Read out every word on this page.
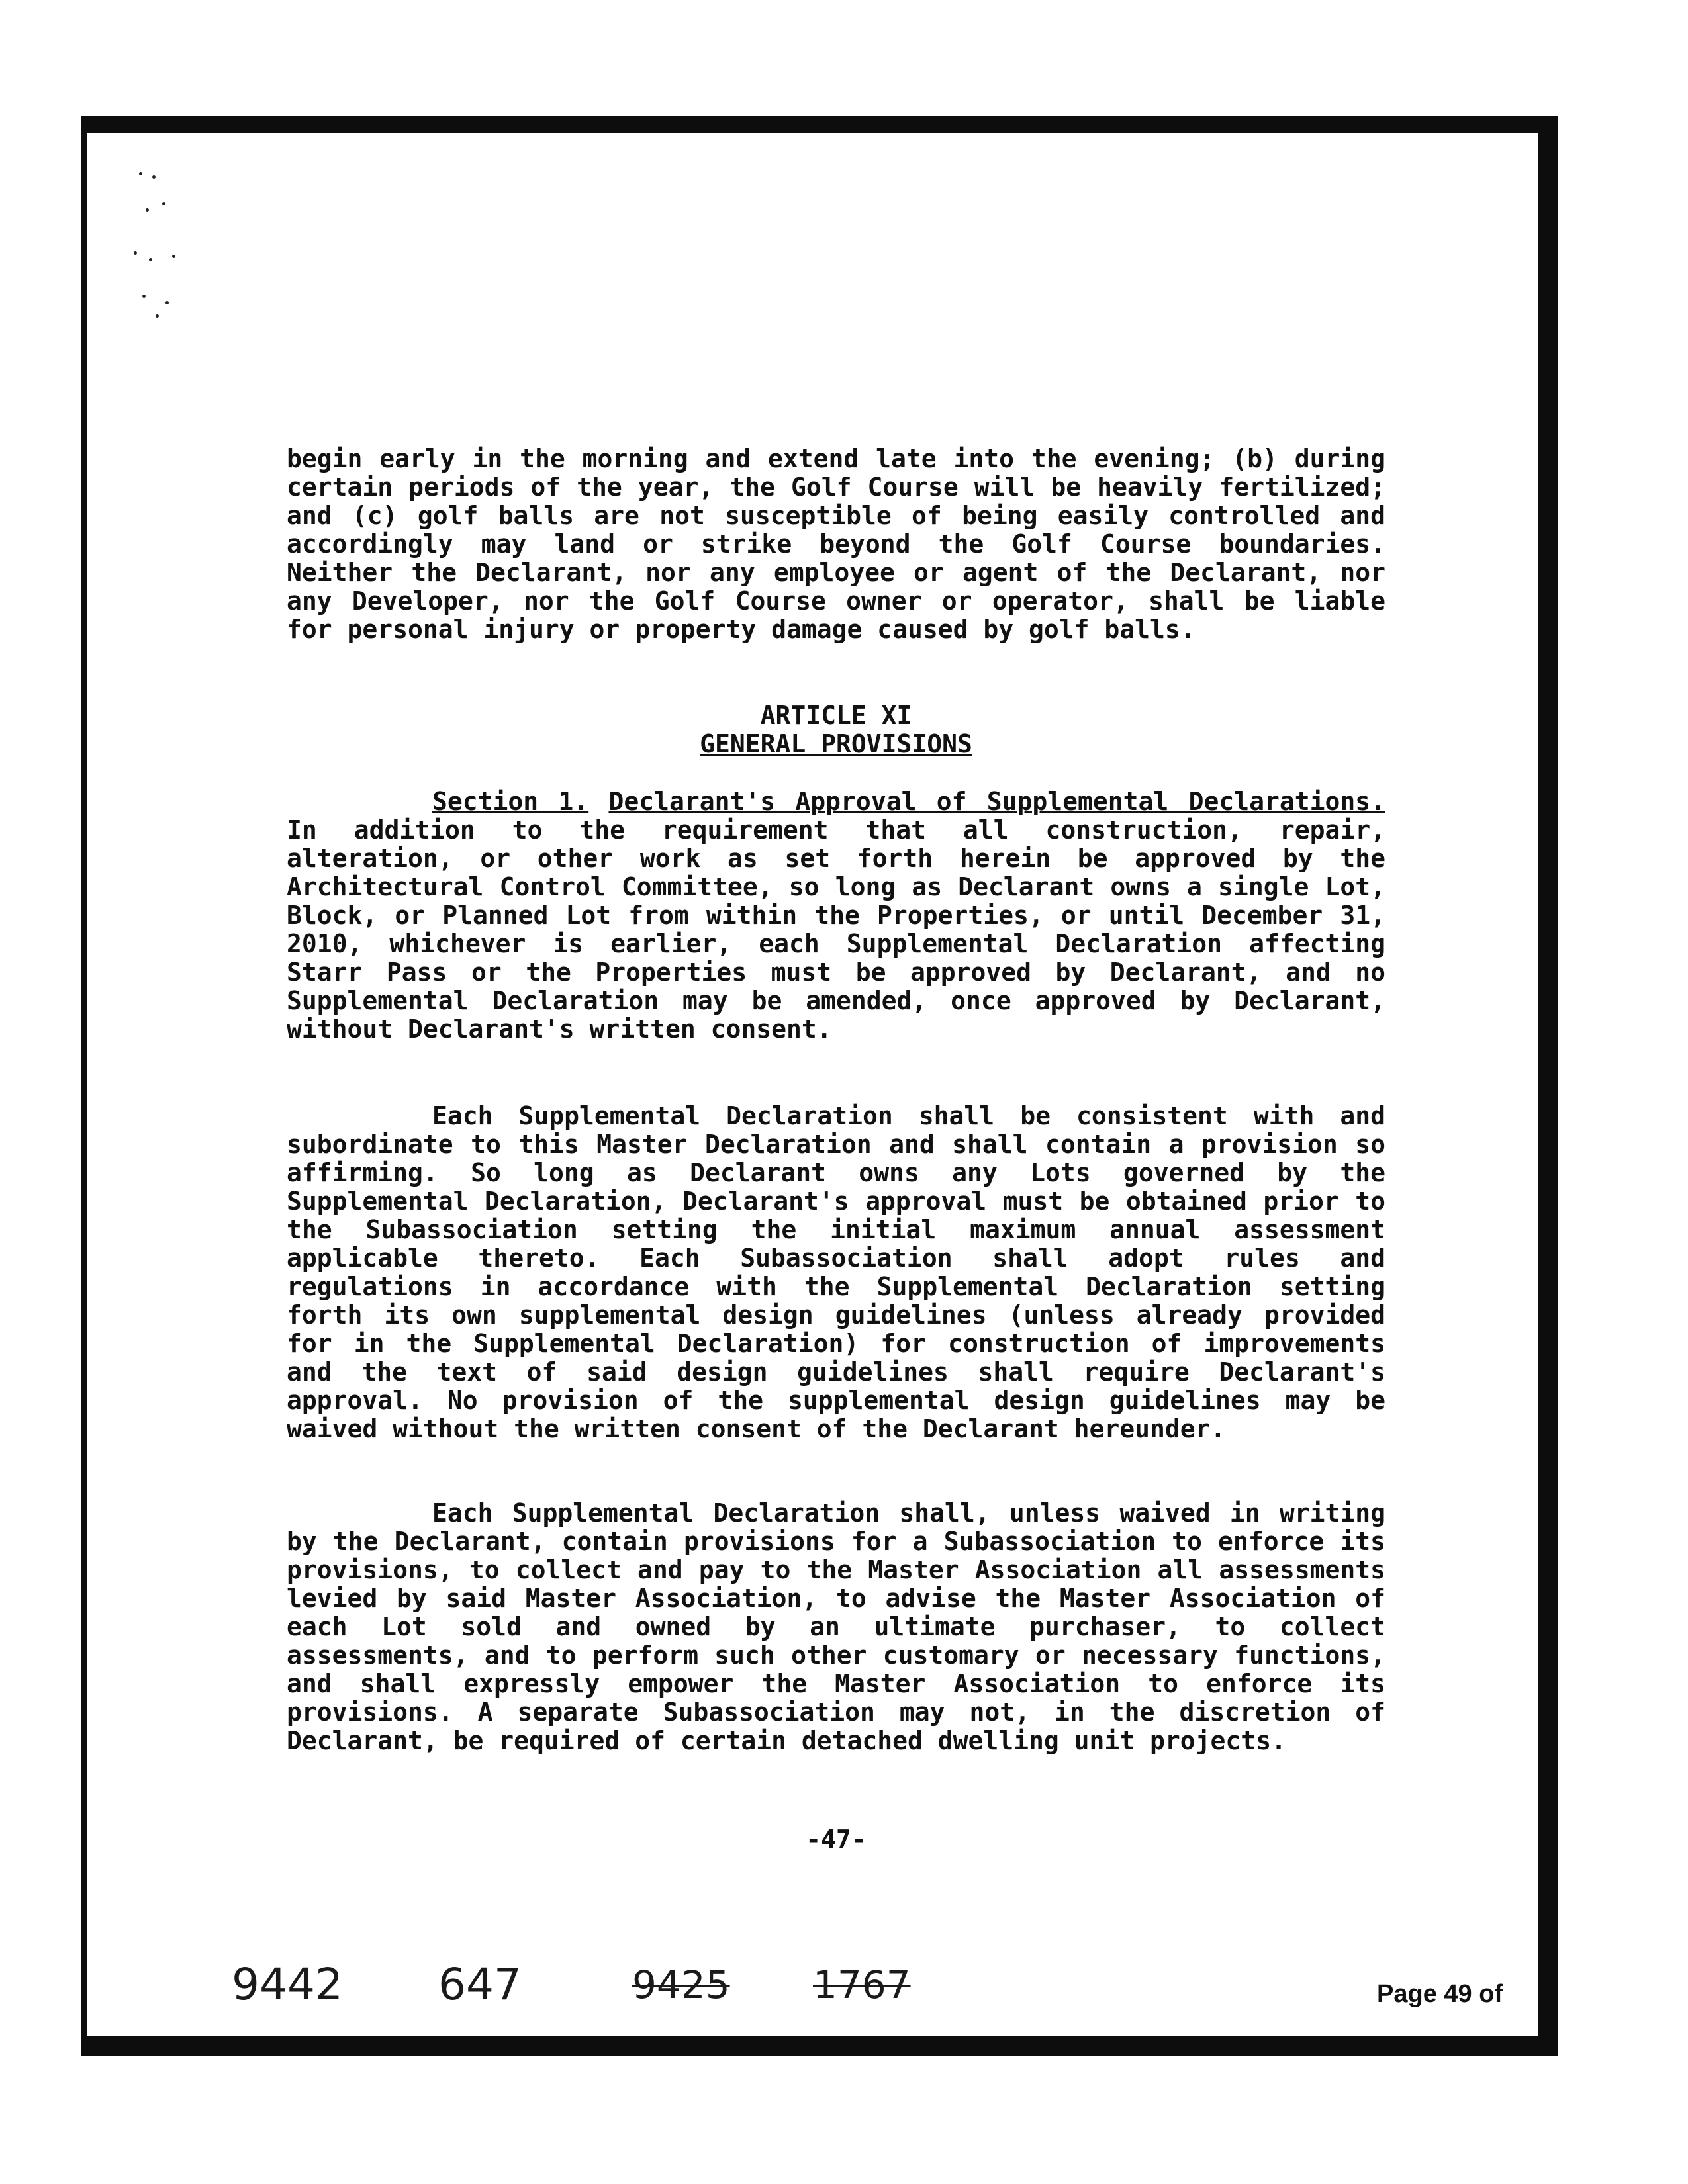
begin early in the morning and extend late into the evening; (b) during certain periods of the year, the Golf Course will be heavily fertilized; and (c) golf balls are not susceptible of being easily controlled and accordingly may land or strike beyond the Golf Course boundaries. Neither the Declarant, nor any employee or agent of the Declarant, nor any Developer, nor the Golf Course owner or operator, shall be liable for personal injury or property damage caused by golf balls.

ARTICLE XI
GENERAL PROVISIONS

Section 1. Declarant's Approval of Supplemental Declarations. In addition to the requirement that all construction, repair, alteration, or other work as set forth herein be approved by the Architectural Control Committee, so long as Declarant owns a single Lot, Block, or Planned Lot from within the Properties, or until December 31, 2010, whichever is earlier, each Supplemental Declaration affecting Starr Pass or the Properties must be approved by Declarant, and no Supplemental Declaration may be amended, once approved by Declarant, without Declarant's written consent.

Each Supplemental Declaration shall be consistent with and subordinate to this Master Declaration and shall contain a provision so affirming. So long as Declarant owns any Lots governed by the Supplemental Declaration, Declarant's approval must be obtained prior to the Subassociation setting the initial maximum annual assessment applicable thereto. Each Subassociation shall adopt rules and regulations in accordance with the Supplemental Declaration setting forth its own supplemental design guidelines (unless already provided for in the Supplemental Declaration) for construction of improvements and the text of said design guidelines shall require Declarant's approval. No provision of the supplemental design guidelines may be waived without the written consent of the Declarant hereunder.

Each Supplemental Declaration shall, unless waived in writing by the Declarant, contain provisions for a Subassociation to enforce its provisions, to collect and pay to the Master Association all assessments levied by said Master Association, to advise the Master Association of each Lot sold and owned by an ultimate purchaser, to collect assessments, and to perform such other customary or necessary functions, and shall expressly empower the Master Association to enforce its provisions. A separate Subassociation may not, in the discretion of Declarant, be required of certain detached dwelling unit projects.

-47-
9442 647	9425 1767	Page 49 of
